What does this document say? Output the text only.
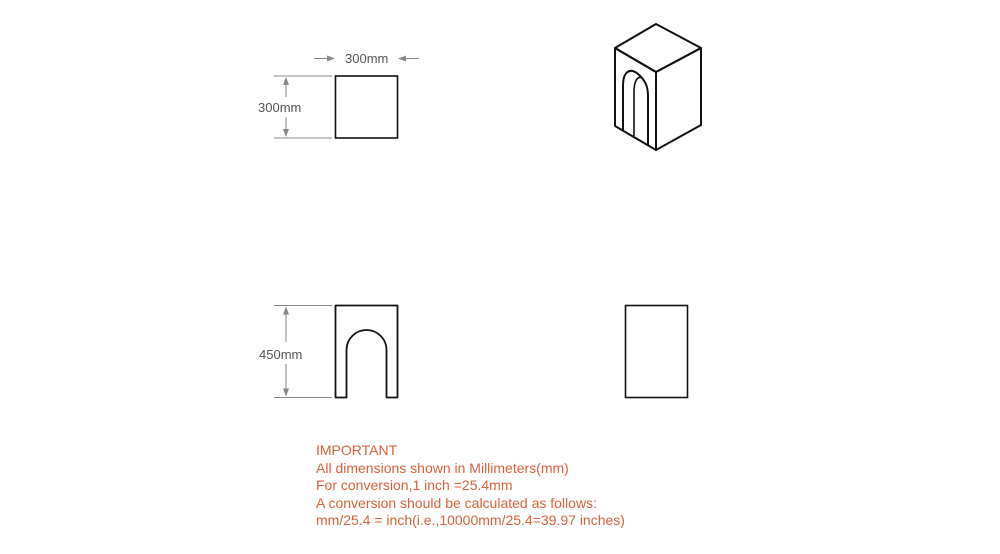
300mm
300mm
450mm
IMPORTANT
All dimensions shown in Millimeters(mm)
For conversion,1 inch =25.4mm
A conversion should be calculated as follows:
mm/25.4 = inch(i.e.,10000mm/25.4=39.97 inches)
